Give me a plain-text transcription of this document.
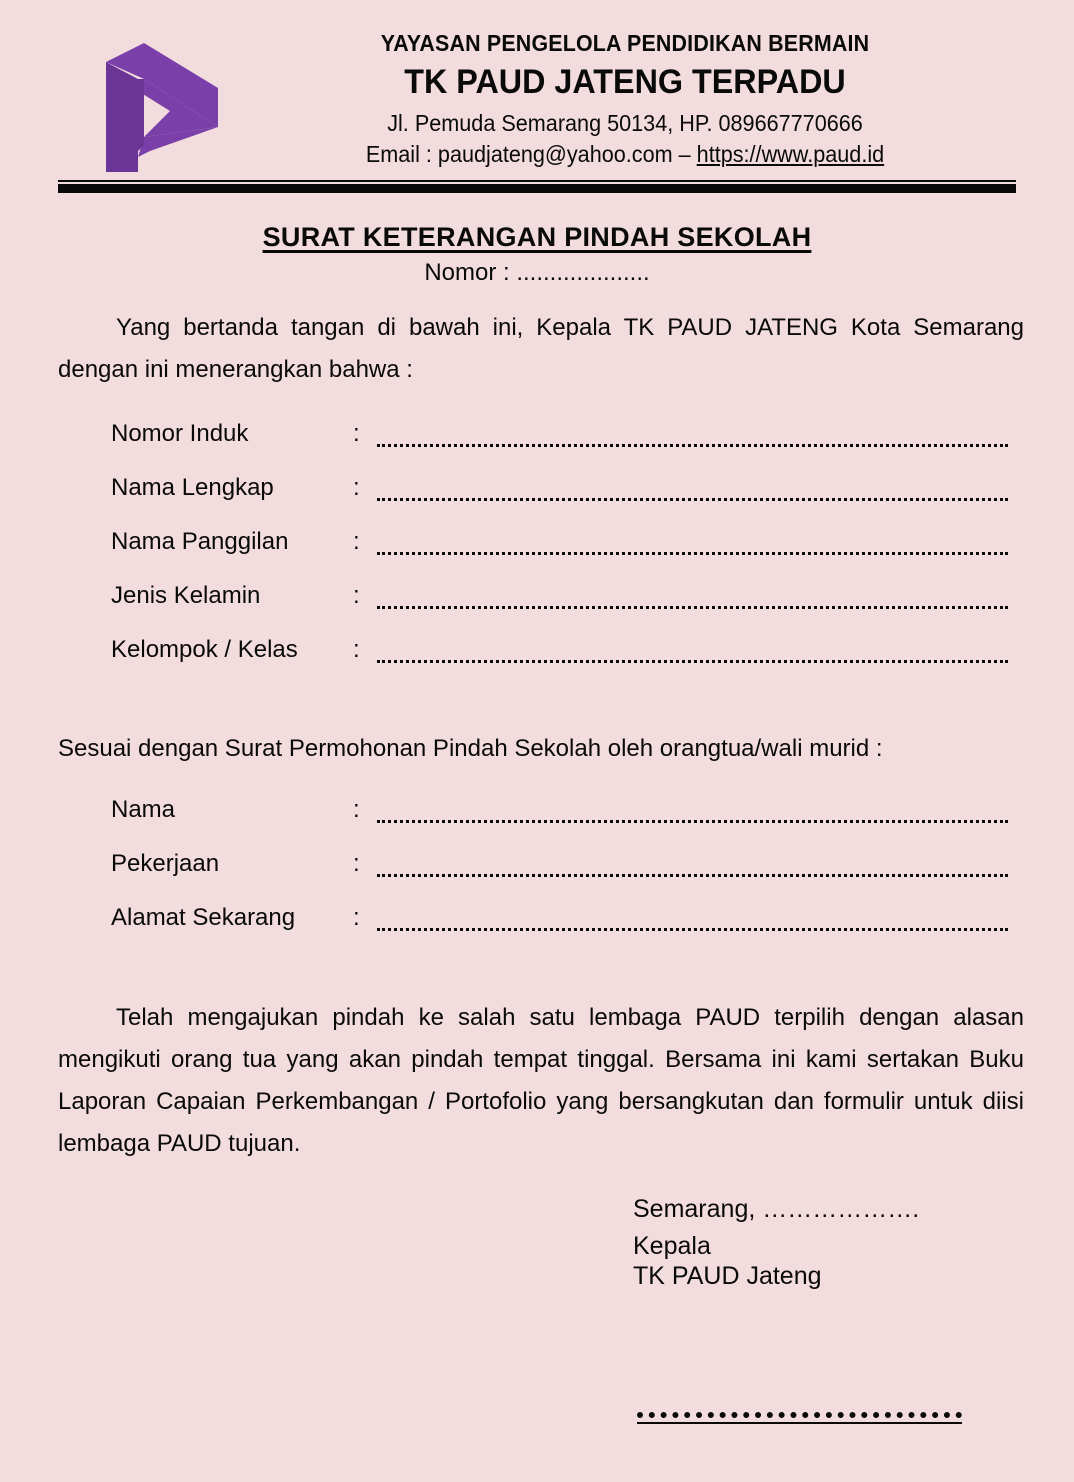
YAYASAN PENGELOLA PENDIDIKAN BERMAIN
TK PAUD JATENG TERPADU
Jl. Pemuda Semarang 50134, HP. 089667770666
Email : paudjateng@yahoo.com – https://www.paud.id
SURAT KETERANGAN PINDAH SEKOLAH
Nomor : ....................
Yang bertanda tangan di bawah ini, Kepala TK PAUD JATENG Kota Semarang dengan ini menerangkan bahwa :
Nomor Induk	:
Nama Lengkap	:
Nama Panggilan	:
Jenis Kelamin	:
Kelompok / Kelas :
Sesuai dengan Surat Permohonan Pindah Sekolah oleh orangtua/wali murid :
Nama	:
Pekerjaan	:
Alamat Sekarang :
Telah mengajukan pindah ke salah satu lembaga PAUD terpilih dengan alasan mengikuti orang tua yang akan pindah tempat tinggal. Bersama ini kami sertakan Buku Laporan Capaian Perkembangan / Portofolio yang bersangkutan dan formulir untuk diisi lembaga PAUD tujuan.
Semarang, ……………….
Kepala
TK PAUD Jateng
